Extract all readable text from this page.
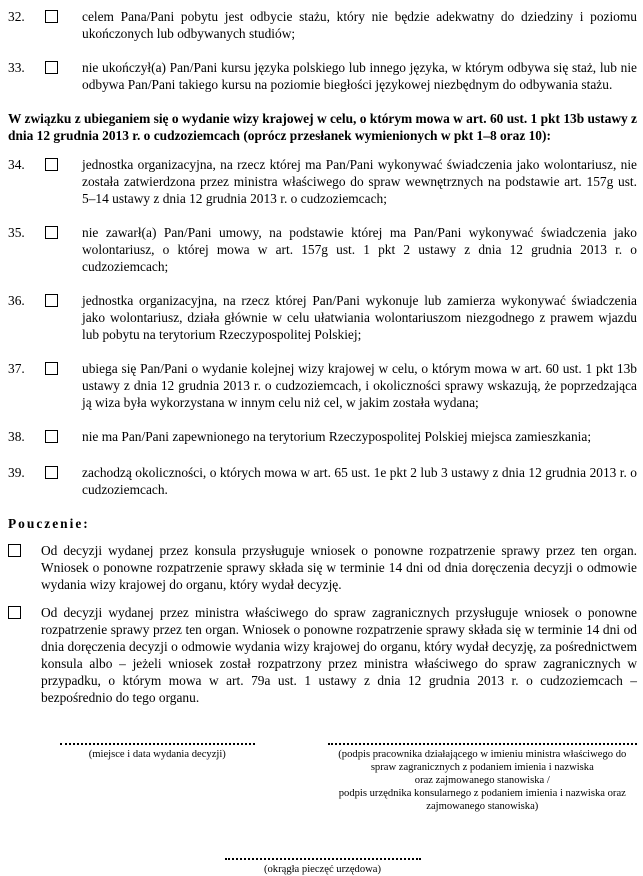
32.	celem Pana/Pani pobytu jest odbycie stażu, który nie będzie adekwatny do dziedziny i poziomu ukończonych lub odbywanych studiów;
33.	nie ukończył(a) Pan/Pani kursu języka polskiego lub innego języka, w którym odbywa się staż, lub nie odbywa Pan/Pani takiego kursu na poziomie biegłości językowej niezbędnym do odbywania stażu.
W związku z ubieganiem się o wydanie wizy krajowej w celu, o którym mowa w art. 60 ust. 1 pkt 13b ustawy z dnia 12 grudnia 2013 r. o cudzoziemcach (oprócz przesłanek wymienionych w pkt 1–8 oraz 10):
34.	jednostka organizacyjna, na rzecz której ma Pan/Pani wykonywać świadczenia jako wolontariusz, nie została zatwierdzona przez ministra właściwego do spraw wewnętrznych na podstawie art. 157g ust. 5–14 ustawy z dnia 12 grudnia 2013 r. o cudzoziemcach;
35.	nie zawarł(a) Pan/Pani umowy, na podstawie której ma Pan/Pani wykonywać świadczenia jako wolontariusz, o której mowa w art. 157g ust. 1 pkt 2 ustawy z dnia 12 grudnia 2013 r. o cudzoziemcach;
36.	jednostka organizacyjna, na rzecz której Pan/Pani wykonuje lub zamierza wykonywać świadczenia jako wolontariusz, działa głównie w celu ułatwiania wolontariuszom niezgodnego z prawem wjazdu lub pobytu na terytorium Rzeczypospolitej Polskiej;
37.	ubiega się Pan/Pani o wydanie kolejnej wizy krajowej w celu, o którym mowa w art. 60 ust. 1 pkt 13b ustawy z dnia 12 grudnia 2013 r. o cudzoziemcach, i okoliczności sprawy wskazują, że poprzedzająca ją wiza była wykorzystana w innym celu niż cel, w jakim została wydana;
38.	nie ma Pan/Pani zapewnionego na terytorium Rzeczypospolitej Polskiej miejsca zamieszkania;
39.	zachodzą okoliczności, o których mowa w art. 65 ust. 1e pkt 2 lub 3 ustawy z dnia 12 grudnia 2013 r. o cudzoziemcach.
Pouczenie:
Od decyzji wydanej przez konsula przysługuje wniosek o ponowne rozpatrzenie sprawy przez ten organ. Wniosek o ponowne rozpatrzenie sprawy składa się w terminie 14 dni od dnia doręczenia decyzji o odmowie wydania wizy krajowej do organu, który wydał decyzję.
Od decyzji wydanej przez ministra właściwego do spraw zagranicznych przysługuje wniosek o ponowne rozpatrzenie sprawy przez ten organ. Wniosek o ponowne rozpatrzenie sprawy składa się w terminie 14 dni od dnia doręczenia decyzji o odmowie wydania wizy krajowej do organu, który wydał decyzję, za pośrednictwem konsula albo – jeżeli wniosek został rozpatrzony przez ministra właściwego do spraw zagranicznych w przypadku, o którym mowa w art. 79a ust. 1 ustawy z dnia 12 grudnia 2013 r. o cudzoziemcach – bezpośrednio do tego organu.
(miejsce i data wydania decyzji)	(podpis pracownika działającego w imieniu ministra właściwego do
spraw zagranicznych z podaniem imienia i nazwiska
oraz zajmowanego stanowiska /
podpis urzędnika konsularnego z podaniem imienia i nazwiska oraz
zajmowanego stanowiska)
(okrągła pieczęć urzędowa)
